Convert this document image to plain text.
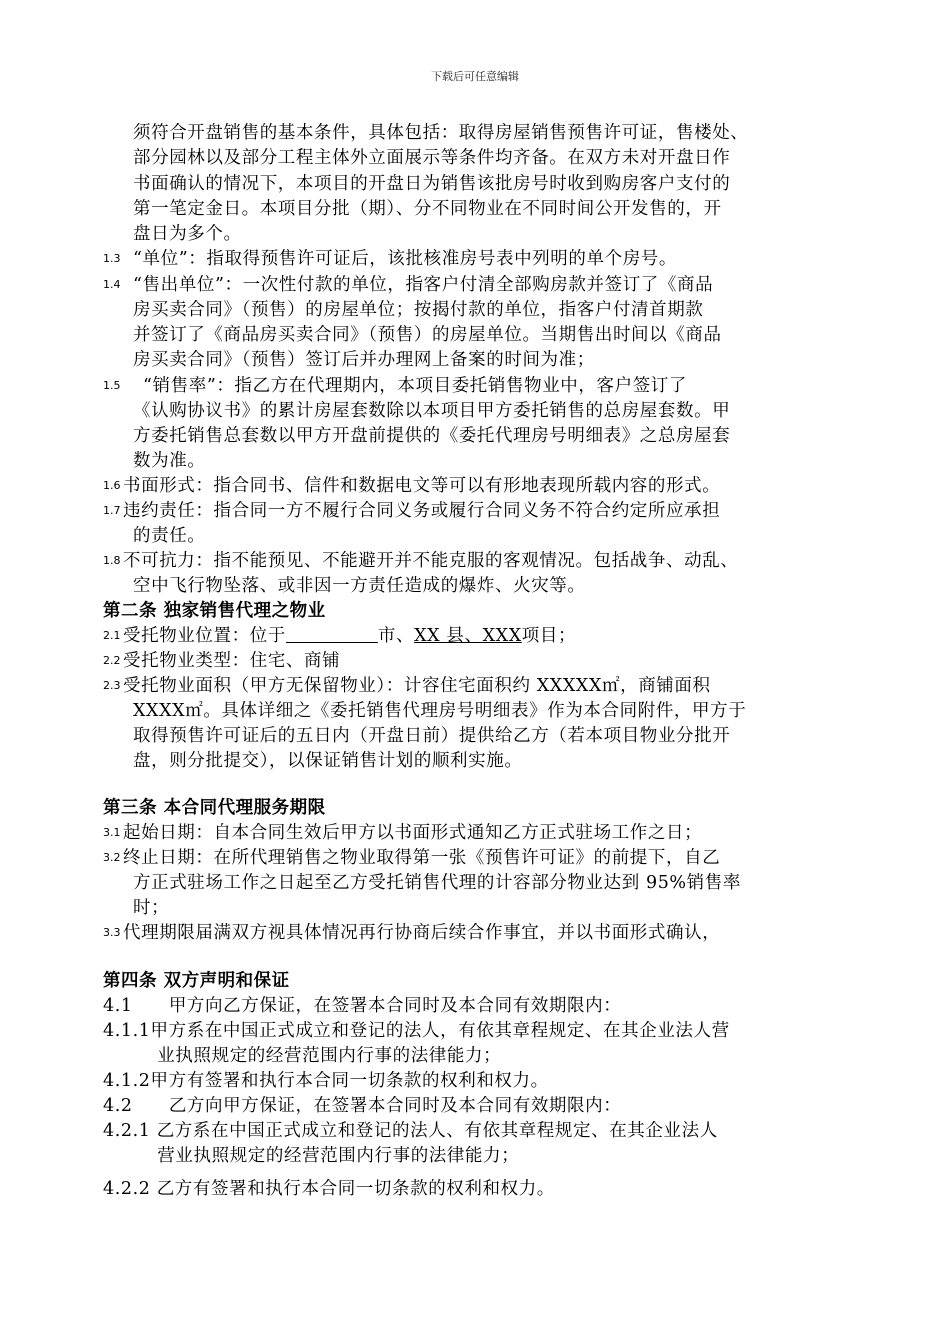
下载后可任意编辑
须符合开盘销售的基本条件，具体包括：取得房屋销售预售许可证，售楼处、
部分园林以及部分工程主体外立面展示等条件均齐备。在双方未对开盘日作
书面确认的情况下，本项目的开盘日为销售该批房号时收到购房客户支付的
第一笔定金日。本项目分批（期）、分不同物业在不同时间公开发售的，开
盘日为多个。
1.3 “单位”：指取得预售许可证后，该批核准房号表中列明的单个房号。
1.4 “售出单位”：一次性付款的单位，指客户付清全部购房款并签订了《商品
房买卖合同》（预售）的房屋单位；按揭付款的单位，指客户付清首期款
并签订了《商品房买卖合同》（预售）的房屋单位。当期售出时间以《商品
房买卖合同》（预售）签订后并办理网上备案的时间为准；
1.5 “销售率”：指乙方在代理期内，本项目委托销售物业中，客户签订了
《认购协议书》的累计房屋套数除以本项目甲方委托销售的总房屋套数。甲
方委托销售总套数以甲方开盘前提供的《委托代理房号明细表》之总房屋套
数为准。
1.6 书面形式：指合同书、信件和数据电文等可以有形地表现所载内容的形式。
1.7 违约责任：指合同一方不履行合同义务或履行合同义务不符合约定所应承担
的责任。
1.8 不可抗力：指不能预见、不能避开并不能克服的客观情况。包括战争、动乱、
空中飞行物坠落、或非因一方责任造成的爆炸、火灾等。
第二条 独家销售代理之物业
2.1 受托物业位置：位于	市、XX 县、XXX项目；
2.2 受托物业类型：住宅、商铺
2.3 受托物业面积（甲方无保留物业）：计容住宅面积约 XXXXX㎡，商铺面积
XXXX㎡。具体详细之《委托销售代理房号明细表》作为本合同附件，甲方于
取得预售许可证后的五日内（开盘日前）提供给乙方（若本项目物业分批开
盘，则分批提交），以保证销售计划的顺利实施。
第三条 本合同代理服务期限
3.1 起始日期：自本合同生效后甲方以书面形式通知乙方正式驻场工作之日；
3.2 终止日期：在所代理销售之物业取得第一张《预售许可证》的前提下，自乙
方正式驻场工作之日起至乙方受托销售代理的计容部分物业达到 95%销售率
时；
3.3 代理期限届满双方视具体情况再行协商后续合作事宜，并以书面形式确认，
第四条 双方声明和保证
4.1　　甲方向乙方保证，在签署本合同时及本合同有效期限内：
4.1.1甲方系在中国正式成立和登记的法人，有依其章程规定、在其企业法人营
　　　业执照规定的经营范围内行事的法律能力；
4.1.2甲方有签署和执行本合同一切条款的权利和权力。
4.2　　乙方向甲方保证，在签署本合同时及本合同有效期限内：
4.2.1 乙方系在中国正式成立和登记的法人、有依其章程规定、在其企业法人
　　　营业执照规定的经营范围内行事的法律能力；
4.2.2 乙方有签署和执行本合同一切条款的权利和权力。
